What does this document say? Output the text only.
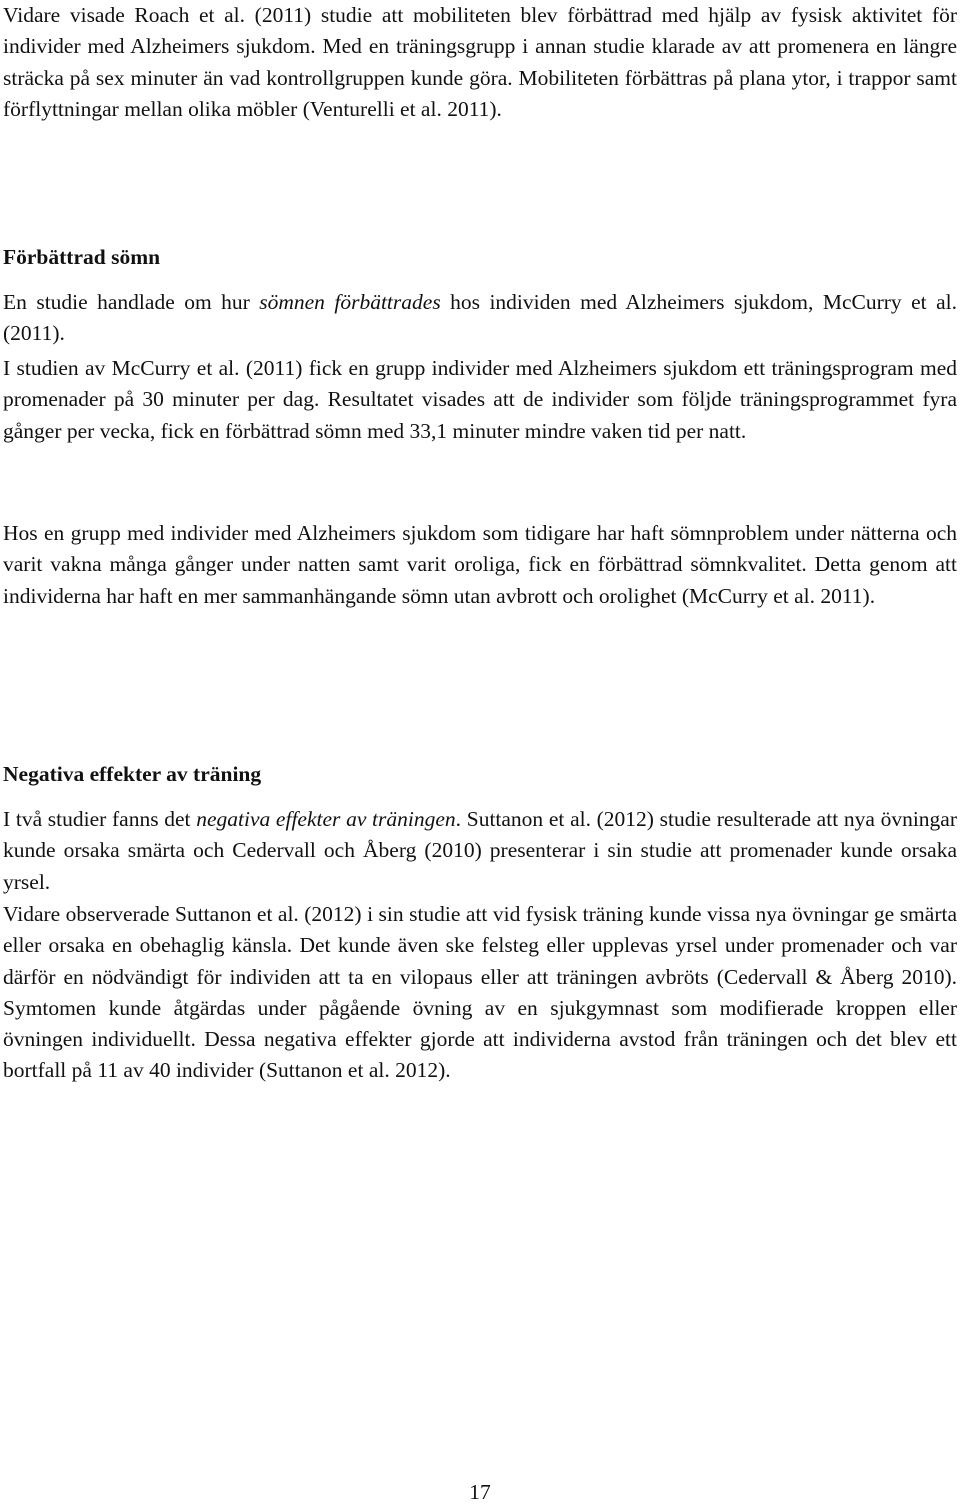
Vidare visade Roach et al. (2011) studie att mobiliteten blev förbättrad med hjälp av fysisk aktivitet för individer med Alzheimers sjukdom. Med en träningsgrupp i annan studie klarade av att promenera en längre sträcka på sex minuter än vad kontrollgruppen kunde göra. Mobiliteten förbättras på plana ytor, i trappor samt förflyttningar mellan olika möbler (Venturelli et al. 2011).

Förbättrad sömn

En studie handlade om hur sömnen förbättrades hos individen med Alzheimers sjukdom, McCurry et al. (2011).

I studien av McCurry et al. (2011) fick en grupp individer med Alzheimers sjukdom ett träningsprogram med promenader på 30 minuter per dag. Resultatet visades att de individer som följde träningsprogrammet fyra gånger per vecka, fick en förbättrad sömn med 33,1 minuter mindre vaken tid per natt.

Hos en grupp med individer med Alzheimers sjukdom som tidigare har haft sömnproblem under nätterna och varit vakna många gånger under natten samt varit oroliga, fick en förbättrad sömnkvalitet. Detta genom att individerna har haft en mer sammanhängande sömn utan avbrott och orolighet (McCurry et al. 2011).

Negativa effekter av träning

I två studier fanns det negativa effekter av träningen. Suttanon et al. (2012) studie resulterade att nya övningar kunde orsaka smärta och Cedervall och Åberg (2010) presenterar i sin studie att promenader kunde orsaka yrsel.

Vidare observerade Suttanon et al. (2012) i sin studie att vid fysisk träning kunde vissa nya övningar ge smärta eller orsaka en obehaglig känsla. Det kunde även ske felsteg eller upplevas yrsel under promenader och var därför en nödvändigt för individen att ta en vilopaus eller att träningen avbröts (Cedervall & Åberg 2010). Symtomen kunde åtgärdas under pågående övning av en sjukgymnast som modifierade kroppen eller övningen individuellt. Dessa negativa effekter gjorde att individerna avstod från träningen och det blev ett bortfall på 11 av 40 individer (Suttanon et al. 2012).

17
